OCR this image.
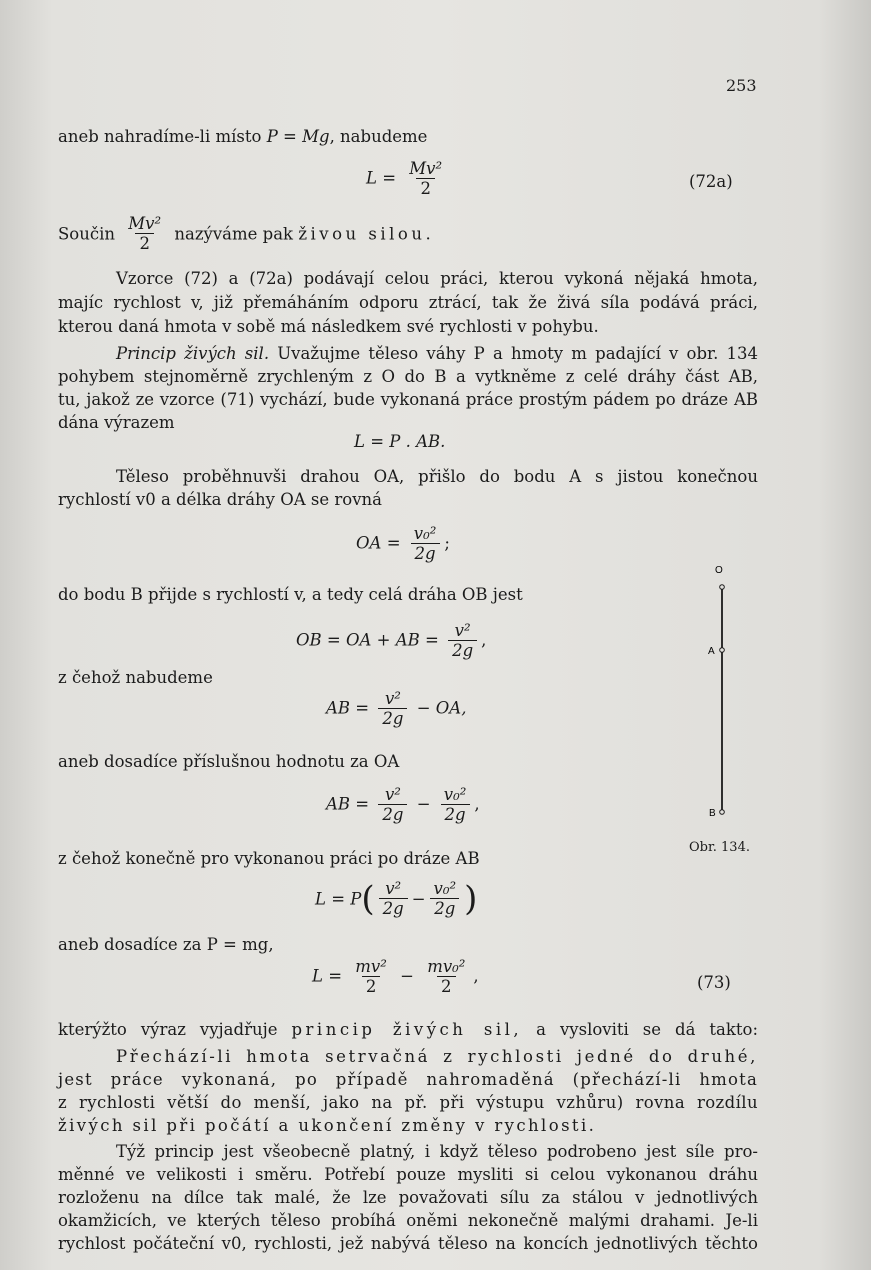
253
aneb nahradíme-li místo P = Mg, nabudeme
$L = \frac{\text{Mv²}}{2}$	(72a)
Součin $\frac{\text{Mv²}}{2}$ nazýváme pak živou silou.
Vzorce (72) a (72a) podávají celou práci, kterou vykoná nějaká hmota,
majíc rychlost v, již přemáháním odporu ztrácí, tak že živá síla podává práci,
kterou daná hmota v sobě má následkem své rychlosti v pohybu.
Princip živých sil. Uvažujme těleso váhy P a hmoty m padající v obr. 134
pohybem stejnoměrně zrychleným z O do B a vytkněme z celé dráhy část AB,
tu, jakož ze vzorce (71) vychází, bude vykonaná práce prostým pádem po dráze AB
dána výrazem
L = P . AB.
Těleso proběhnuvši drahou OA, přišlo do bodu A s jistou konečnou
rychlostí v0 a délka dráhy OA se rovná
OA = $\frac{\text{v₀²}}{2g}$ ;
do bodu B přijde s rychlostí v, a tedy celá dráha OB jest
OB = OA + AB = $\frac{\text{v²}}{2g}$ ,
z čehož nabudeme
AB = $\frac{\text{v²}}{2g}$ − OA,
aneb dosadíce příslušnou hodnotu za OA
AB = $\frac{\text{v²}}{2g} - \frac{\text{v₀²}}{2g}$ ,
z čehož konečně pro vykonanou práci po dráze AB
$L = P( \frac{\text{v²}}{2g} - \frac{\text{v₀²}}{2g}$ )
aneb dosadíce za P = mg,
$L = \frac{\text{mv²}}{2} - \frac{\text{mv₀²}}{2}$ ,	(73)
kterýžto výraz vyjadřuje princip živých sil, a vysloviti se dá takto:
Přechází-li hmota setrvačná z rychlosti jedné do druhé,
jest práce vykonaná, po případě nahromaděná (přechází-li hmota
z rychlosti větší do menší, jako na př. při výstupu vzhůru) rovna rozdílu
živých sil při počátí a ukončení změny v rychlosti.
Týž princip jest všeobecně platný, i když těleso podrobeno jest síle pro-
měnné ve velikosti i směru. Potřebí pouze mysliti si celou vykonanou dráhu
rozloženu na dílce tak malé, že lze považovati sílu za stálou v jednotlivých
okamžicích, ve kterých těleso probíhá oněmi nekonečně malými drahami. Je-li
rychlost počáteční v0, rychlosti, jež nabývá těleso na koncích jednotlivých těchto
O
A
B
Obr. 134.
